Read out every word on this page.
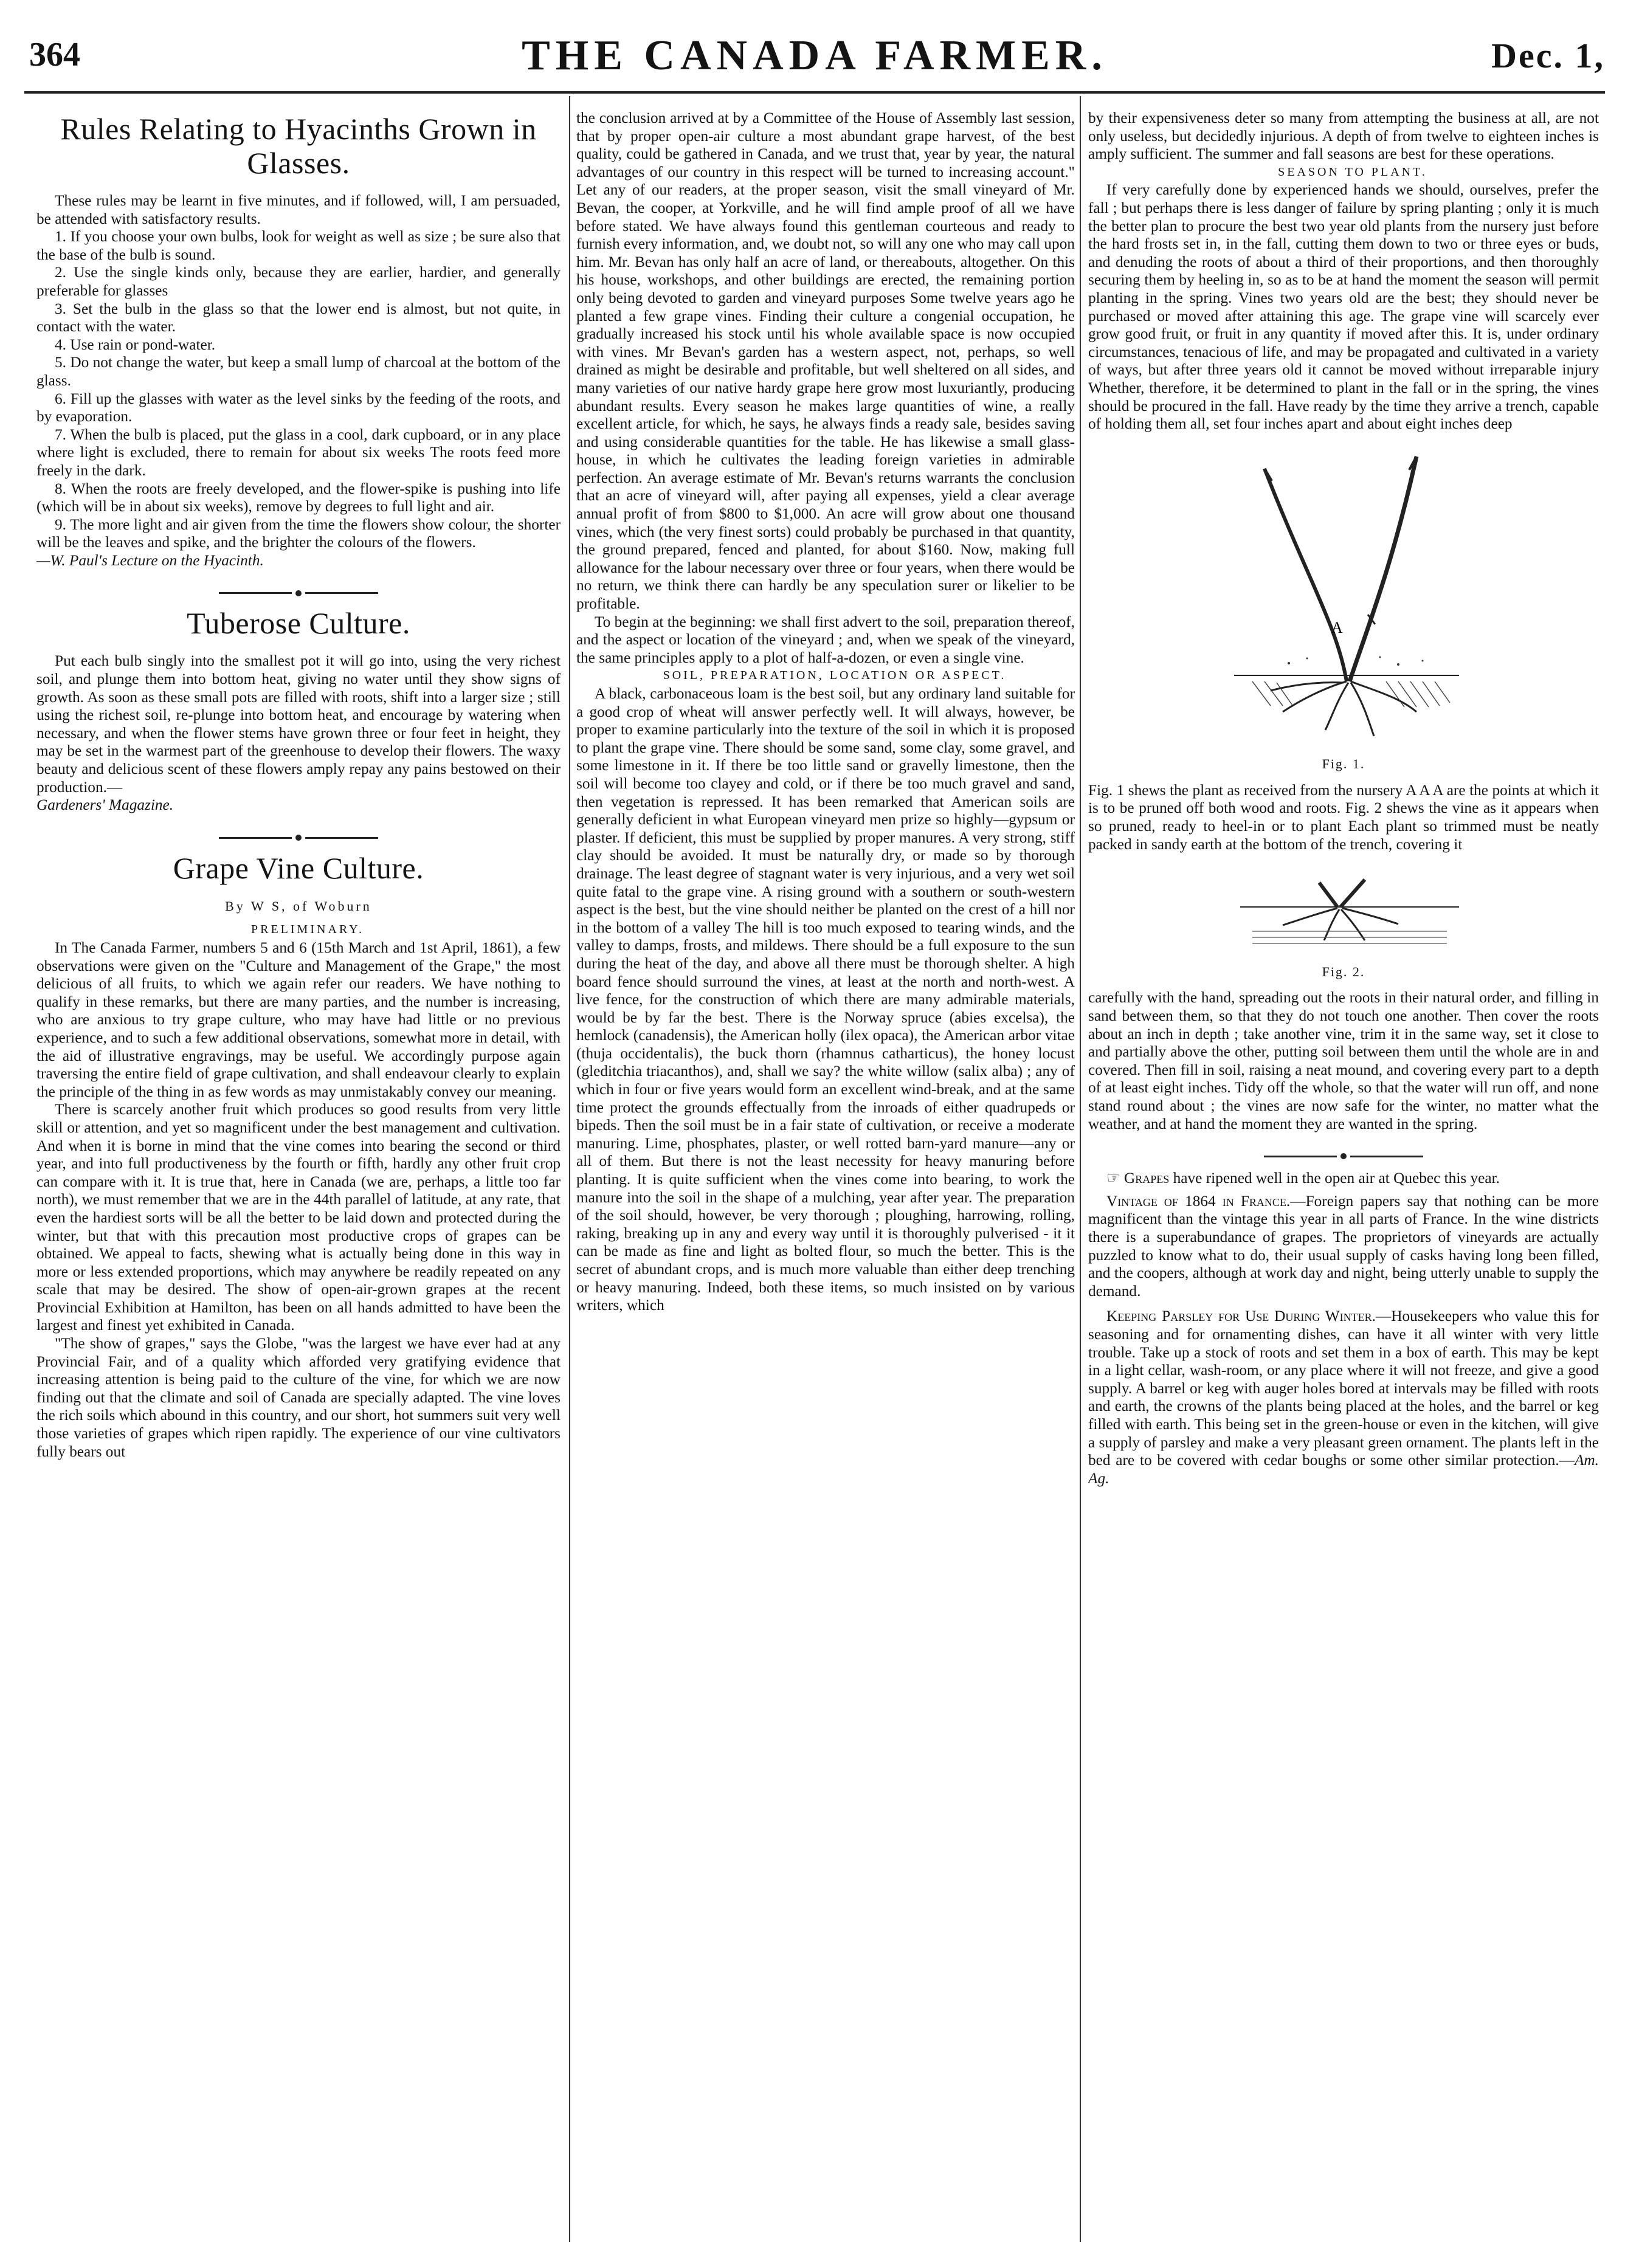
364	THE CANADA FARMER.	Dec. 1,
Rules Relating to Hyacinths Grown in Glasses.

These rules may be learnt in five minutes, and if followed, will, I am persuaded, be attended with satisfactory results.

1. If you choose your own bulbs, look for weight as well as size ; be sure also that the base of the bulb is sound.

2. Use the single kinds only, because they are earlier, hardier, and generally preferable for glasses

3. Set the bulb in the glass so that the lower end is almost, but not quite, in contact with the water.

4. Use rain or pond-water.

5. Do not change the water, but keep a small lump of charcoal at the bottom of the glass.

6. Fill up the glasses with water as the level sinks by the feeding of the roots, and by evaporation.

7. When the bulb is placed, put the glass in a cool, dark cupboard, or in any place where light is excluded, there to remain for about six weeks The roots feed more freely in the dark.

8. When the roots are freely developed, and the flower-spike is pushing into life (which will be in about six weeks), remove by degrees to full light and air.

9. The more light and air given from the time the flowers show colour, the shorter will be the leaves and spike, and the brighter the colours of the flowers.

—W. Paul's Lecture on the Hyacinth.

Tuberose Culture.

Put each bulb singly into the smallest pot it will go into, using the very richest soil, and plunge them into bottom heat, giving no water until they show signs of growth. As soon as these small pots are filled with roots, shift into a larger size ; still using the richest soil, re-plunge into bottom heat, and encourage by watering when necessary, and when the flower stems have grown three or four feet in height, they may be set in the warmest part of the greenhouse to develop their flowers. The waxy beauty and delicious scent of these flowers amply repay any pains bestowed on their production.—

Gardeners' Magazine.

Grape Vine Culture.
By W S, of Woburn

PRELIMINARY.

In The Canada Farmer, numbers 5 and 6 (15th March and 1st April, 1861), a few observations were given on the "Culture and Management of the Grape," the most delicious of all fruits, to which we again refer our readers. We have nothing to qualify in these remarks, but there are many parties, and the number is increasing, who are anxious to try grape culture, who may have had little or no previous experience, and to such a few additional observations, somewhat more in detail, with the aid of illustrative engravings, may be useful. We accordingly purpose again traversing the entire field of grape cultivation, and shall endeavour clearly to explain the principle of the thing in as few words as may unmistakably convey our meaning.

There is scarcely another fruit which produces so good results from very little skill or attention, and yet so magnificent under the best management and cultivation. And when it is borne in mind that the vine comes into bearing the second or third year, and into full productiveness by the fourth or fifth, hardly any other fruit crop can compare with it. It is true that, here in Canada (we are, perhaps, a little too far north), we must remember that we are in the 44th parallel of latitude, at any rate, that even the hardiest sorts will be all the better to be laid down and protected during the winter, but that with this precaution most productive crops of grapes can be obtained. We appeal to facts, shewing what is actually being done in this way in more or less extended proportions, which may anywhere be readily repeated on any scale that may be desired. The show of open-air-grown grapes at the recent Provincial Exhibition at Hamilton, has been on all hands admitted to have been the largest and finest yet exhibited in Canada.

"The show of grapes," says the Globe, "was the largest we have ever had at any Provincial Fair, and of a quality which afforded very gratifying evidence that increasing attention is being paid to the culture of the vine, for which we are now finding out that the climate and soil of Canada are specially adapted. The vine loves the rich soils which abound in this country, and our short, hot summers suit very well those varieties of grapes which ripen rapidly. The experience of our vine cultivators fully bears out

the conclusion arrived at by a Committee of the House of Assembly last session, that by proper open-air culture a most abundant grape harvest, of the best quality, could be gathered in Canada, and we trust that, year by year, the natural advantages of our country in this respect will be turned to increasing account." Let any of our readers, at the proper season, visit the small vineyard of Mr. Bevan, the cooper, at Yorkville, and he will find ample proof of all we have before stated. We have always found this gentleman courteous and ready to furnish every information, and, we doubt not, so will any one who may call upon him. Mr. Bevan has only half an acre of land, or thereabouts, altogether. On this his house, workshops, and other buildings are erected, the remaining portion only being devoted to garden and vineyard purposes Some twelve years ago he planted a few grape vines. Finding their culture a congenial occupation, he gradually increased his stock until his whole available space is now occupied with vines. Mr Bevan's garden has a western aspect, not, perhaps, so well drained as might be desirable and profitable, but well sheltered on all sides, and many varieties of our native hardy grape here grow most luxuriantly, producing abundant results. Every season he makes large quantities of wine, a really excellent article, for which, he says, he always finds a ready sale, besides saving and using considerable quantities for the table. He has likewise a small glass-house, in which he cultivates the leading foreign varieties in admirable perfection. An average estimate of Mr. Bevan's returns warrants the conclusion that an acre of vineyard will, after paying all expenses, yield a clear average annual profit of from $800 to $1,000. An acre will grow about one thousand vines, which (the very finest sorts) could probably be purchased in that quantity, the ground prepared, fenced and planted, for about $160. Now, making full allowance for the labour necessary over three or four years, when there would be no return, we think there can hardly be any speculation surer or likelier to be profitable.

To begin at the beginning: we shall first advert to the soil, preparation thereof, and the aspect or location of the vineyard ; and, when we speak of the vineyard, the same principles apply to a plot of half-a-dozen, or even a single vine.

SOIL, PREPARATION, LOCATION OR ASPECT.

A black, carbonaceous loam is the best soil, but any ordinary land suitable for a good crop of wheat will answer perfectly well. It will always, however, be proper to examine particularly into the texture of the soil in which it is proposed to plant the grape vine. There should be some sand, some clay, some gravel, and some limestone in it. If there be too little sand or gravelly limestone, then the soil will become too clayey and cold, or if there be too much gravel and sand, then vegetation is repressed. It has been remarked that American soils are generally deficient in what European vineyard men prize so highly—gypsum or plaster. If deficient, this must be supplied by proper manures. A very strong, stiff clay should be avoided. It must be naturally dry, or made so by thorough drainage. The least degree of stagnant water is very injurious, and a very wet soil quite fatal to the grape vine. A rising ground with a southern or south-western aspect is the best, but the vine should neither be planted on the crest of a hill nor in the bottom of a valley The hill is too much exposed to tearing winds, and the valley to damps, frosts, and mildews. There should be a full exposure to the sun during the heat of the day, and above all there must be thorough shelter. A high board fence should surround the vines, at least at the north and north-west. A live fence, for the construction of which there are many admirable materials, would be by far the best. There is the Norway spruce (abies excelsa), the hemlock (canadensis), the American holly (ilex opaca), the American arbor vitae (thuja occidentalis), the buck thorn (rhamnus catharticus), the honey locust (gleditchia triacanthos), and, shall we say? the white willow (salix alba) ; any of which in four or five years would form an excellent wind-break, and at the same time protect the grounds effectually from the inroads of either quadrupeds or bipeds. Then the soil must be in a fair state of cultivation, or receive a moderate manuring. Lime, phosphates, plaster, or well rotted barn-yard manure—any or all of them. But there is not the least necessity for heavy manuring before planting. It is quite sufficient when the vines come into bearing, to work the manure into the soil in the shape of a mulching, year after year. The preparation of the soil should, however, be very thorough ; ploughing, harrowing, rolling, raking, breaking up in any and every way until it is thoroughly pulverised - it it can be made as fine and light as bolted flour, so much the better. This is the secret of abundant crops, and is much more valuable than either deep trenching or heavy manuring. Indeed, both these items, so much insisted on by various writers, which

by their expensiveness deter so many from attempting the business at all, are not only useless, but decidedly injurious. A depth of from twelve to eighteen inches is amply sufficient. The summer and fall seasons are best for these operations.

SEASON TO PLANT.

If very carefully done by experienced hands we should, ourselves, prefer the fall ; but perhaps there is less danger of failure by spring planting ; only it is much the better plan to procure the best two year old plants from the nursery just before the hard frosts set in, in the fall, cutting them down to two or three eyes or buds, and denuding the roots of about a third of their proportions, and then thoroughly securing them by heeling in, so as to be at hand the moment the season will permit planting in the spring. Vines two years old are the best; they should never be purchased or moved after attaining this age. The grape vine will scarcely ever grow good fruit, or fruit in any quantity if moved after this. It is, under ordinary circumstances, tenacious of life, and may be propagated and cultivated in a variety of ways, but after three years old it cannot be moved without irreparable injury Whether, therefore, it be determined to plant in the fall or in the spring, the vines should be procured in the fall. Have ready by the time they arrive a trench, capable of holding them all, set four inches apart and about eight inches deep

A
Fig. 1.

Fig. 1 shews the plant as received from the nursery A A A are the points at which it is to be pruned off both wood and roots. Fig. 2 shews the vine as it appears when so pruned, ready to heel-in or to plant Each plant so trimmed must be neatly packed in sandy earth at the bottom of the trench, covering it

Fig. 2.

carefully with the hand, spreading out the roots in their natural order, and filling in sand between them, so that they do not touch one another. Then cover the roots about an inch in depth ; take another vine, trim it in the same way, set it close to and partially above the other, putting soil between them until the whole are in and covered. Then fill in soil, raising a neat mound, and covering every part to a depth of at least eight inches. Tidy off the whole, so that the water will run off, and none stand round about ; the vines are now safe for the winter, no matter what the weather, and at hand the moment they are wanted in the spring.

☞ Grapes have ripened well in the open air at Quebec this year.

Vintage of 1864 in France.—Foreign papers say that nothing can be more magnificent than the vintage this year in all parts of France. In the wine districts there is a superabundance of grapes. The proprietors of vineyards are actually puzzled to know what to do, their usual supply of casks having long been filled, and the coopers, although at work day and night, being utterly unable to supply the demand.

Keeping Parsley for Use During Winter.—Housekeepers who value this for seasoning and for ornamenting dishes, can have it all winter with very little trouble. Take up a stock of roots and set them in a box of earth. This may be kept in a light cellar, wash-room, or any place where it will not freeze, and give a good supply. A barrel or keg with auger holes bored at intervals may be filled with roots and earth, the crowns of the plants being placed at the holes, and the barrel or keg filled with earth. This being set in the green-house or even in the kitchen, will give a supply of parsley and make a very pleasant green ornament. The plants left in the bed are to be covered with cedar boughs or some other similar protection.—Am. Ag.
